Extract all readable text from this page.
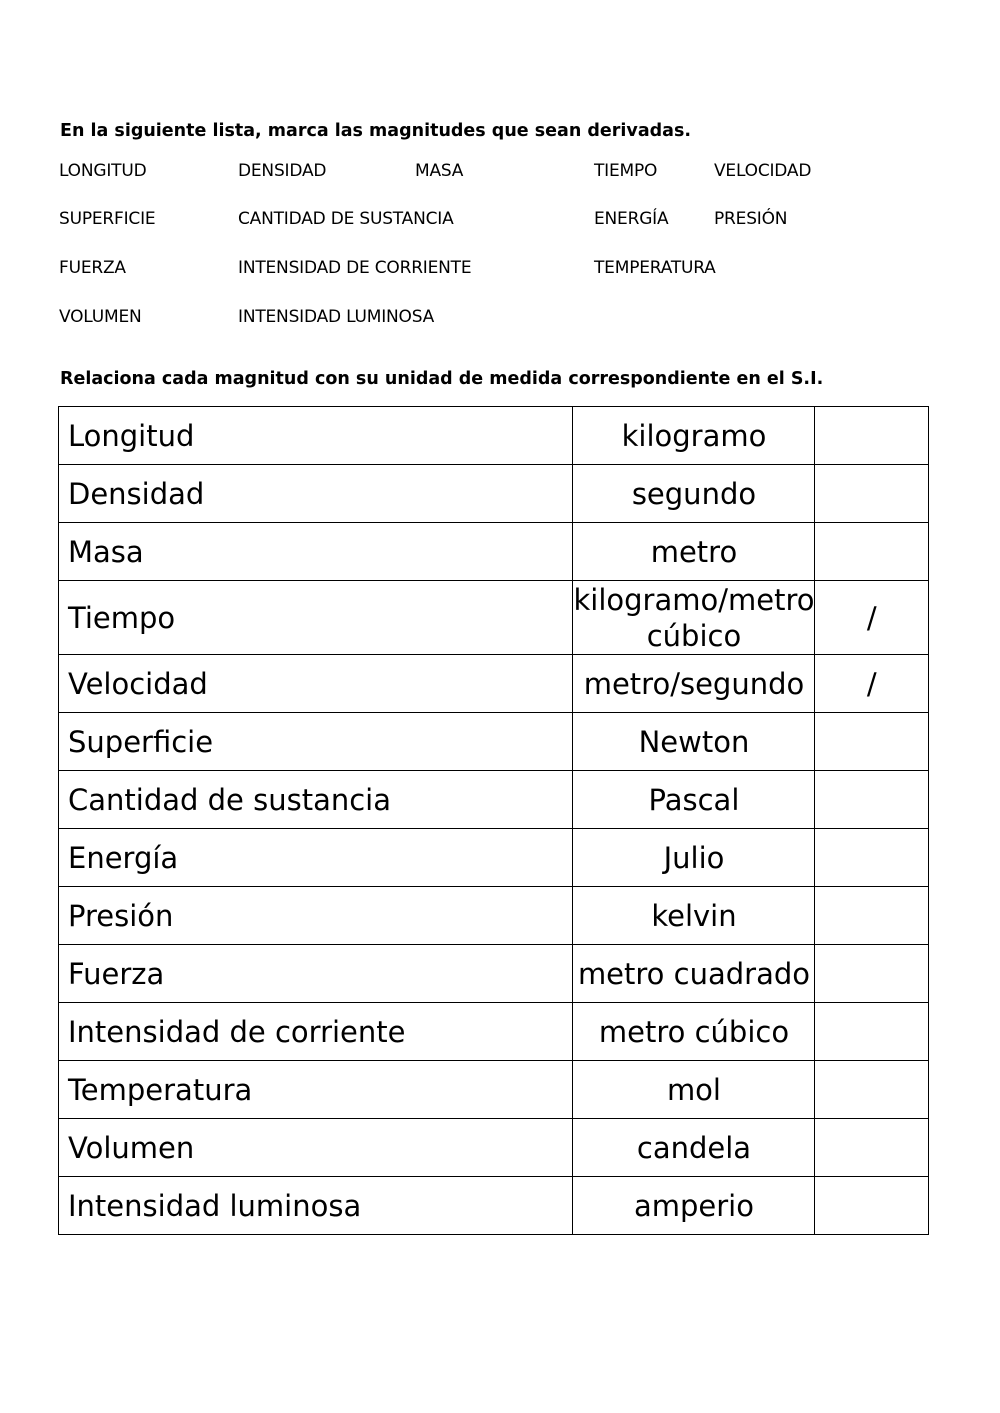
En la siguiente lista, marca las magnitudes que sean derivadas.

LONGITUD	DENSIDAD	MASA	TIEMPO	VELOCIDAD
SUPERFICIE	CANTIDAD DE SUSTANCIA	ENERGÍA	PRESIÓN
FUERZA	INTENSIDAD DE CORRIENTE	TEMPERATURA
VOLUMEN	INTENSIDAD LUMINOSA

Relaciona cada magnitud con su unidad de medida correspondiente en el S.I.

Longitud	kilogramo	
Densidad	segundo	
Masa	metro	
Tiempo	kilogramo/metro cúbico	/
Velocidad	metro/segundo	/
Superficie	Newton	
Cantidad de sustancia	Pascal	
Energía	Julio	
Presión	kelvin	
Fuerza	metro cuadrado	
Intensidad de corriente	metro cúbico	
Temperatura	mol	
Volumen	candela	
Intensidad luminosa	amperio	
